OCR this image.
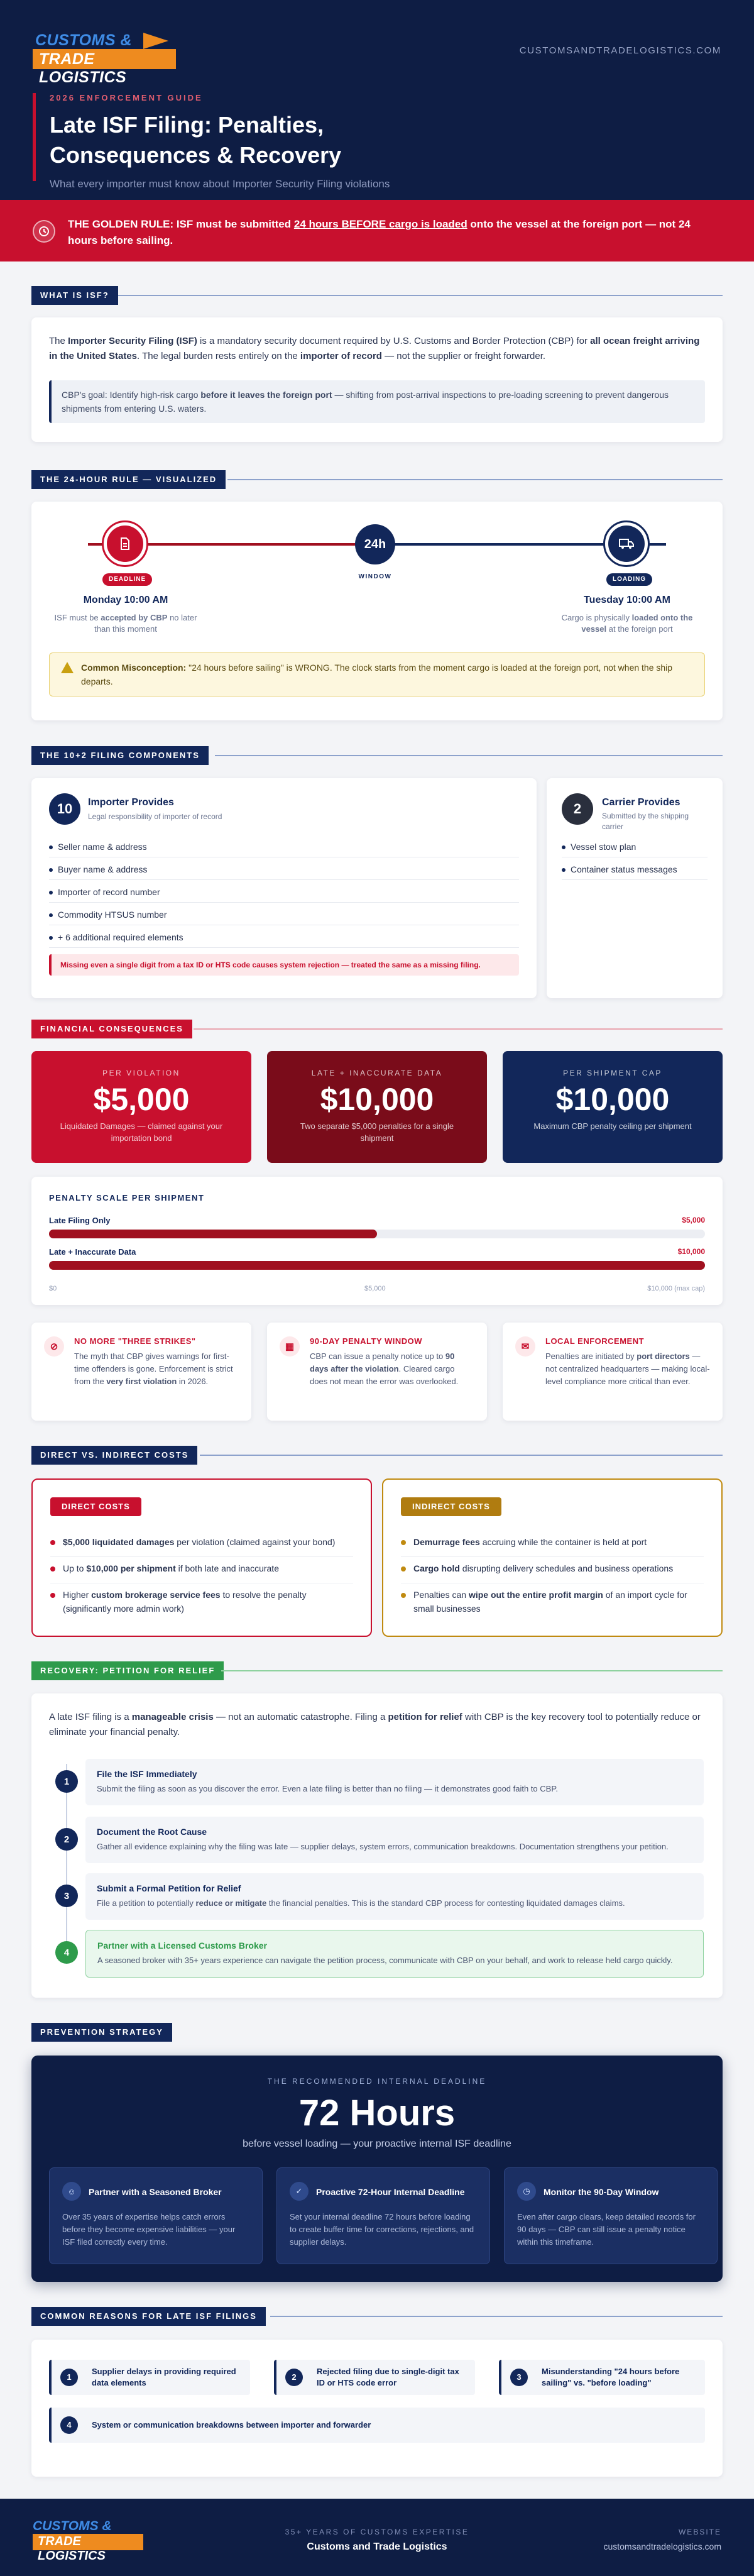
CUSTOMS &
TRADE LOGISTICS
CUSTOMSANDTRADELOGISTICS.COM
2026 ENFORCEMENT GUIDE
Late ISF Filing: Penalties,
Consequences & Recovery
What every importer must know about Importer Security Filing violations
THE GOLDEN RULE: ISF must be submitted 24 hours BEFORE cargo is loaded onto the vessel at the foreign port — not 24 hours before sailing.
WHAT IS ISF?
The Importer Security Filing (ISF) is a mandatory security document required by U.S. Customs and Border Protection (CBP) for all ocean freight arriving in the United States. The legal burden rests entirely on the importer of record — not the supplier or freight forwarder.
CBP's goal: Identify high-risk cargo before it leaves the foreign port — shifting from post-arrival inspections to pre-loading screening to prevent dangerous shipments from entering U.S. waters.
THE 24-HOUR RULE — VISUALIZED
DEADLINE
24h
WINDOW	LOADING
Monday 10:00 AM
ISF must be accepted by CBP no later than this moment
Tuesday 10:00 AM
Cargo is physically loaded onto the vessel at the foreign port
Common Misconception: "24 hours before sailing" is WRONG. The clock starts from the moment cargo is loaded at the foreign port, not when the ship departs.
THE 10+2 FILING COMPONENTS
10	Importer Provides
Legal responsibility of importer of record
Missing even a single digit from a tax ID or HTS code causes system rejection — treated the same as a missing filing.
Seller name & address
Buyer name & address
Importer of record number
Commodity HTSUS number
+ 6 additional required elements
2	Carrier Provides
Submitted by the shipping carrier
Vessel stow plan
Container status messages
FINANCIAL CONSEQUENCES
PENALTY SCALE PER SHIPMENT
Late Filing Only	$5,000
Late + Inaccurate Data	$10,000
$0	$5,000	$10,000 (max cap)
DIRECT VS. INDIRECT COSTS
DIRECT COSTS
$5,000 liquidated damages per violation (claimed against your bond)
Up to $10,000 per shipment if both late and inaccurate
Higher custom brokerage service fees to resolve the penalty (significantly more admin work)
INDIRECT COSTS
Demurrage fees accruing while the container is held at port
Cargo hold disrupting delivery schedules and business operations
Penalties can wipe out the entire profit margin of an import cycle for small businesses
RECOVERY: PETITION FOR RELIEF
A late ISF filing is a manageable crisis — not an automatic catastrophe. Filing a petition for relief with CBP is the key recovery tool to potentially reduce or eliminate your financial penalty.
PREVENTION STRATEGY
THE RECOMMENDED INTERNAL DEADLINE
72 Hours
before vessel loading — your proactive internal ISF deadline
☺	Partner with a Seasoned Broker
Over 35 years of expertise helps catch errors before they become expensive liabilities — your ISF filed correctly every time.
✓	Proactive 72-Hour Internal Deadline
Set your internal deadline 72 hours before loading to create buffer time for corrections, rejections, and supplier delays.
◷	Monitor the 90-Day Window
Even after cargo clears, keep detailed records for 90 days — CBP can still issue a penalty notice within this timeframe.
COMMON REASONS FOR LATE ISF FILINGS
1
Supplier delays in providing required data elements
2
Rejected filing due to single-digit tax ID or HTS code error
3
Misunderstanding "24 hours before sailing" vs. "before loading"
4	System or communication breakdowns between importer and forwarder
CUSTOMS &
TRADE LOGISTICS
35+ YEARS OF CUSTOMS EXPERTISE
Customs and Trade Logistics
WEBSITE
customsandtradelogistics.com
PER VIOLATION
$5,000
Liquidated Damages — claimed against your importation bond
LATE + INACCURATE DATA
$10,000
Two separate $5,000 penalties for a single shipment
PER SHIPMENT CAP
$10,000
Maximum CBP penalty ceiling per shipment
⊘
NO MORE "THREE STRIKES"
The myth that CBP gives warnings for first-time offenders is gone. Enforcement is strict from the very first violation in 2026.
▦
90-DAY PENALTY WINDOW
CBP can issue a penalty notice up to 90 days after the violation. Cleared cargo does not mean the error was overlooked.
✉
LOCAL ENFORCEMENT
Penalties are initiated by port directors — not centralized headquarters — making local-level compliance more critical than ever.
1
File the ISF Immediately
Submit the filing as soon as you discover the error. Even a late filing is better than no filing — it demonstrates good faith to CBP.
2
Document the Root Cause
Gather all evidence explaining why the filing was late — supplier delays, system errors, communication breakdowns. Documentation strengthens your petition.
3
Submit a Formal Petition for Relief
File a petition to potentially reduce or mitigate the financial penalties. This is the standard CBP process for contesting liquidated damages claims.
4
Partner with a Licensed Customs Broker
A seasoned broker with 35+ years experience can navigate the petition process, communicate with CBP on your behalf, and work to release held cargo quickly.
